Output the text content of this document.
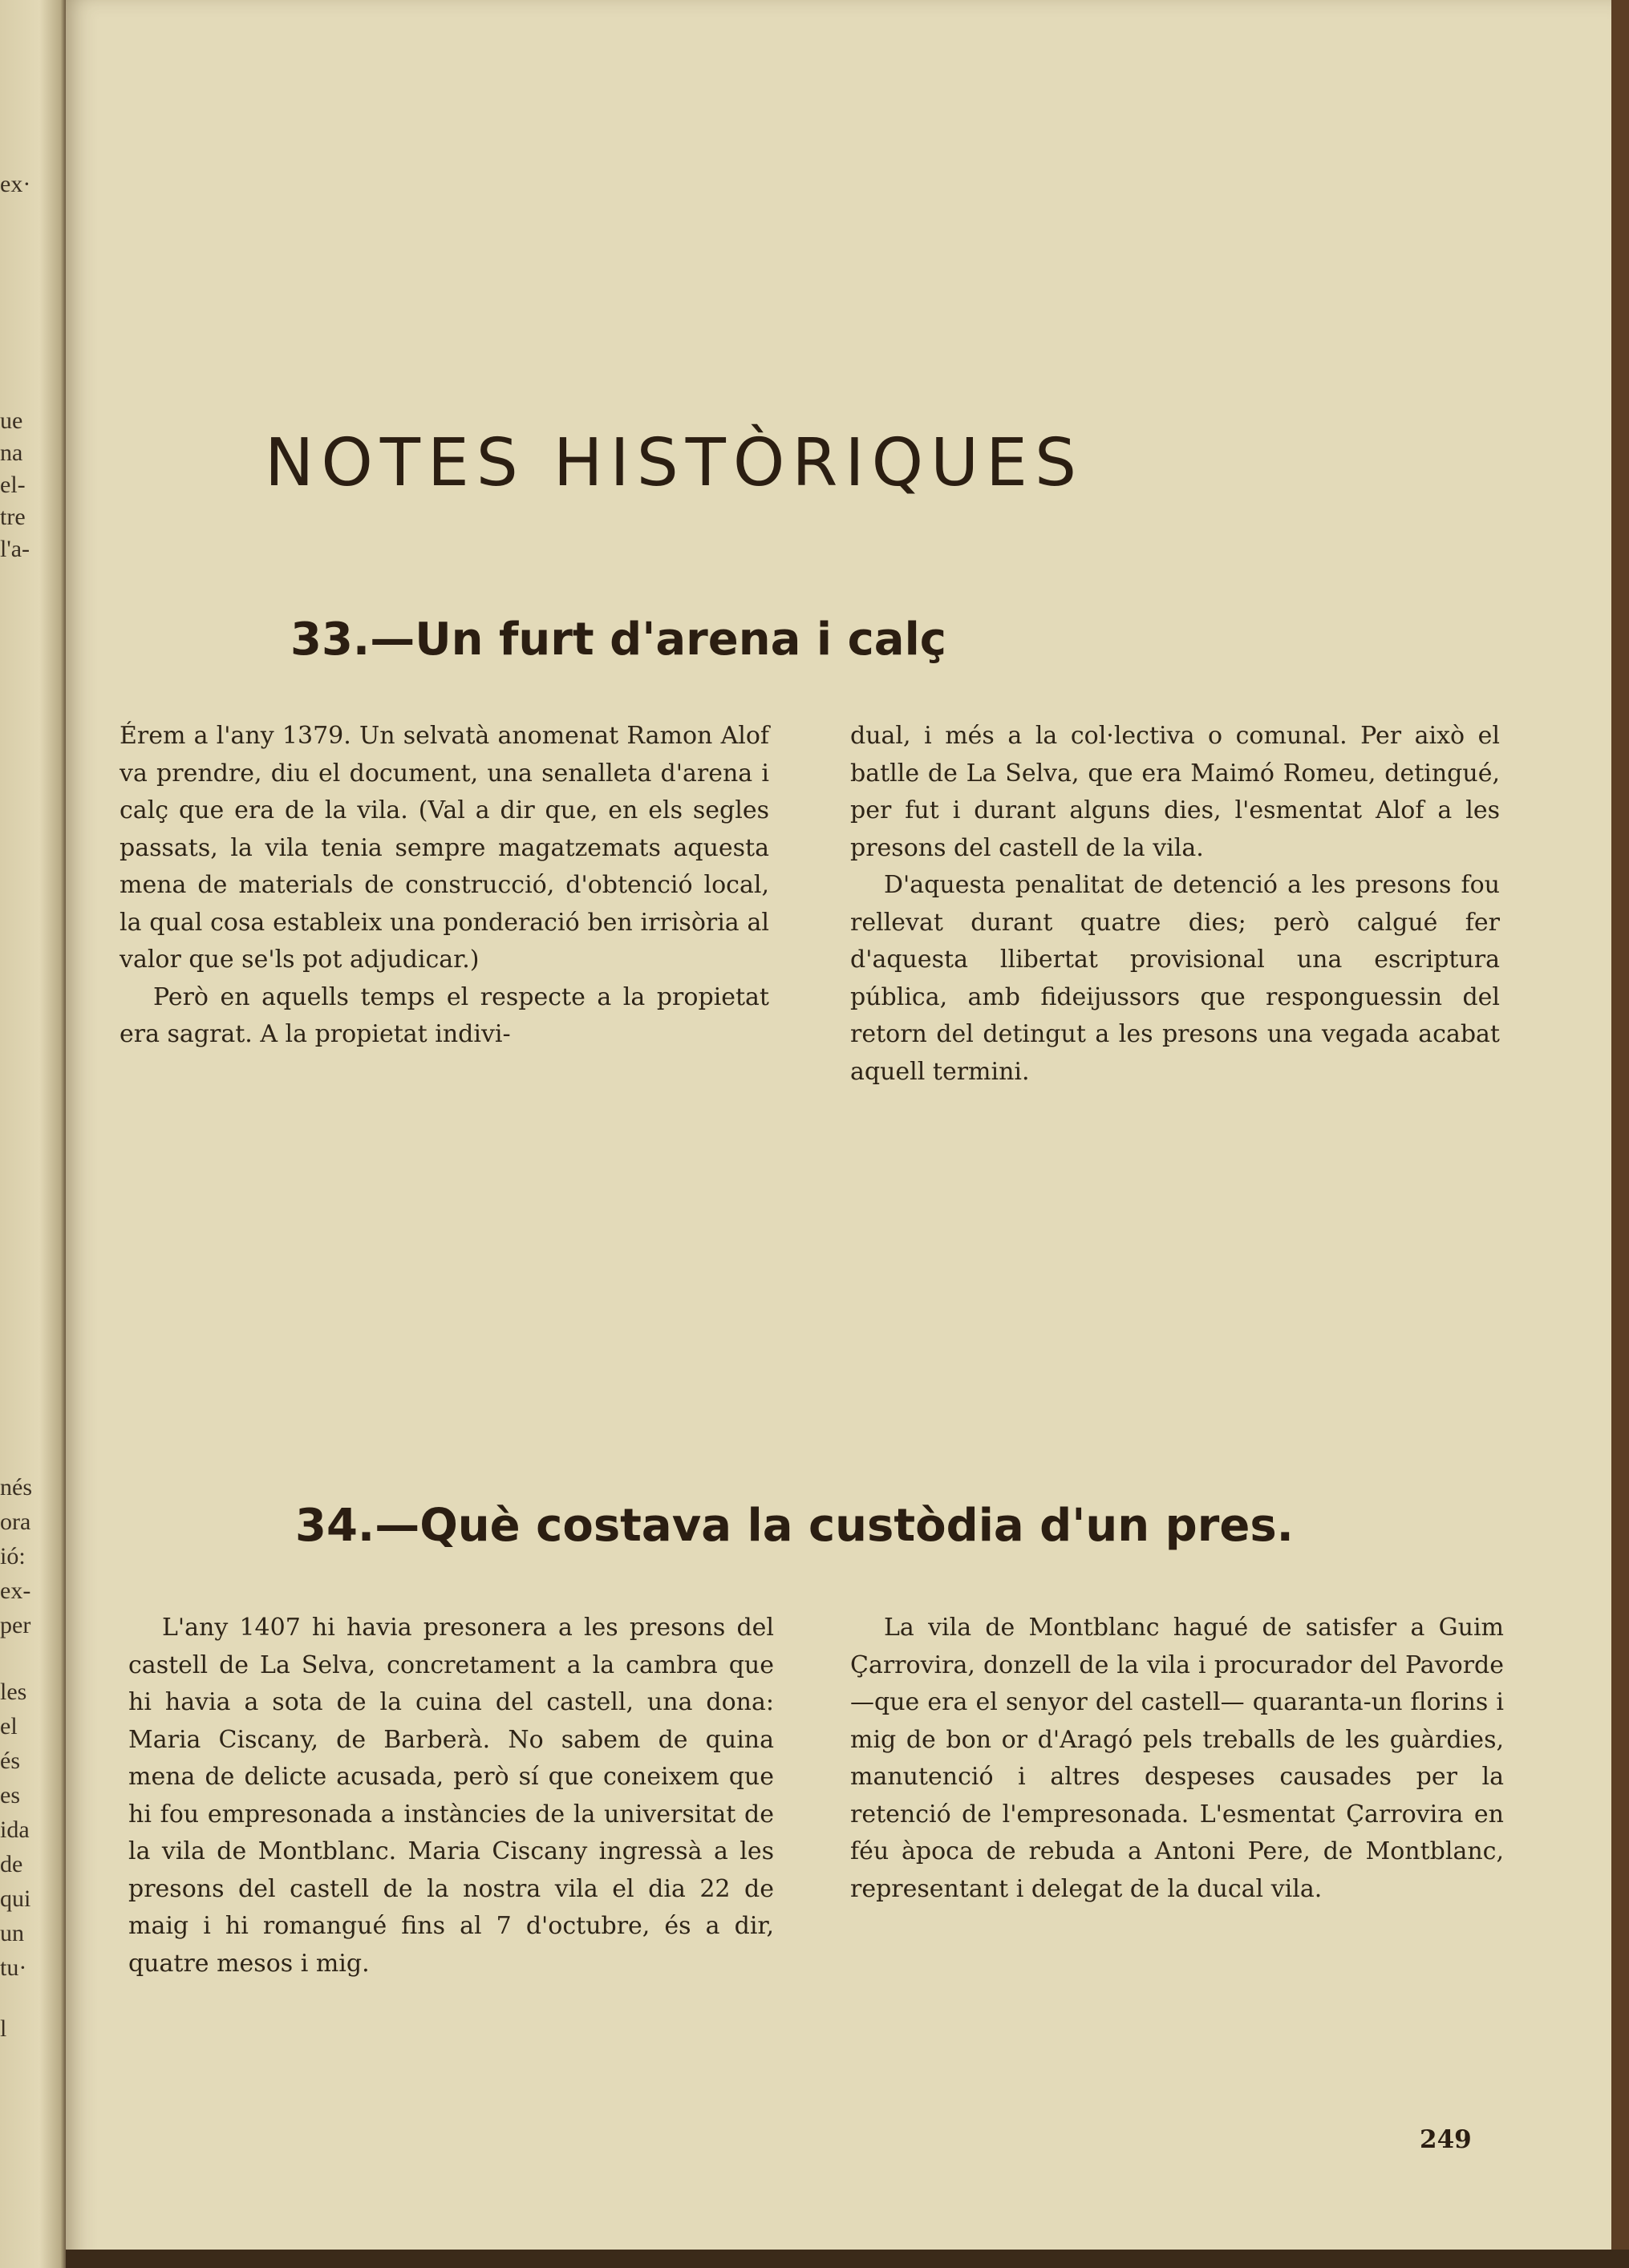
ex·
ue
na
el-
tre
l'a-
nés
ora
ió:
ex-
per
les
el
és
es
ida
de
qui
un
tu·
l
NOTES HISTÒRIQUES
33.—Un furt d'arena i calç

Érem a l'any 1379. Un selvatà anomenat Ramon Alof va prendre, diu el document, una senalleta d'arena i calç que era de la vila. (Val a dir que, en els segles passats, la vila tenia sempre magatzemats aquesta mena de materials de construcció, d'obtenció local, la qual cosa estableix una ponderació ben irrisòria al valor que se'ls pot adjudicar.)

Però en aquells temps el respecte a la propietat era sagrat. A la propietat indivi-

dual, i més a la col·lectiva o comunal. Per això el batlle de La Selva, que era Maimó Romeu, detingué, per fut i durant alguns dies, l'esmentat Alof a les presons del castell de la vila.

D'aquesta penalitat de detenció a les presons fou rellevat durant quatre dies; però calgué fer d'aquesta llibertat provisional una escriptura pública, amb fideijussors que responguessin del retorn del detingut a les presons una vegada acabat aquell termini.

34.—Què costava la custòdia d'un pres.

L'any 1407 hi havia presonera a les presons del castell de La Selva, concretament a la cambra que hi havia a sota de la cuina del castell, una dona: Maria Ciscany, de Barberà. No sabem de quina mena de delicte acusada, però sí que coneixem que hi fou empresonada a instàncies de la universitat de la vila de Montblanc. Maria Ciscany ingressà a les presons del castell de la nostra vila el dia 22 de maig i hi romangué fins al 7 d'octubre, és a dir, quatre mesos i mig.

La vila de Montblanc hagué de satisfer a Guim Çarrovira, donzell de la vila i procurador del Pavorde —que era el senyor del castell— quaranta-un florins i mig de bon or d'Aragó pels treballs de les guàrdies, manutenció i altres despeses causades per la retenció de l'empresonada. L'esmentat Çarrovira en féu àpoca de rebuda a Antoni Pere, de Montblanc, representant i delegat de la ducal vila.

249
